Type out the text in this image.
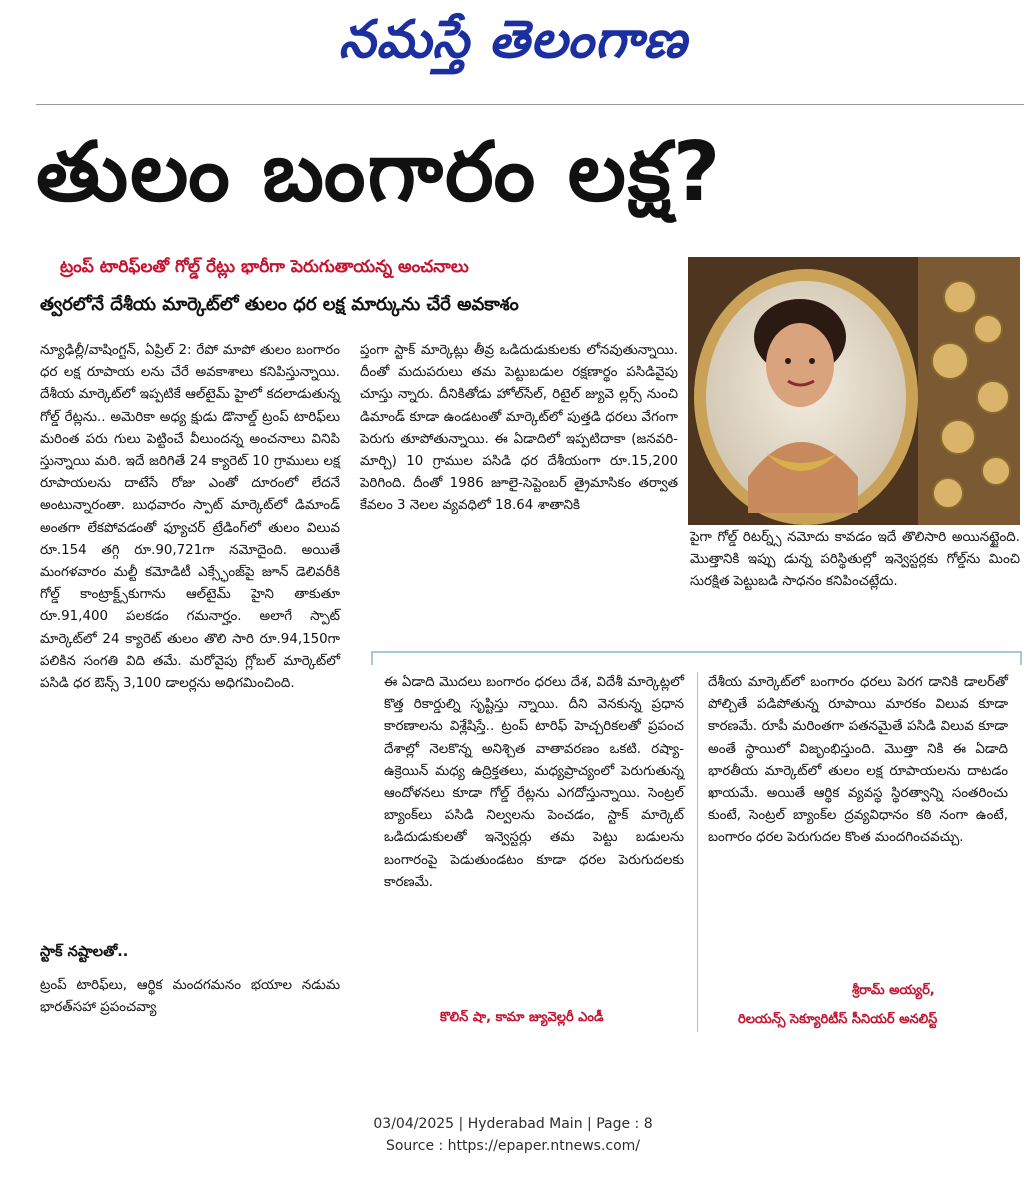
నమస్తే తెలంగాణ
తులం బంగారం లక్ష?
ట్రంప్ టారిఫ్‌లతో గోల్డ్ రేట్లు భారీగా పెరుగుతాయన్న అంచనాలు
త్వరలోనే దేశీయ మార్కెట్‌లో తులం ధర లక్ష మార్కును చేరే అవకాశం

న్యూఢిల్లీ/వాషింగ్టన్, ఏప్రిల్ 2: రేపో మాపో తులం బంగారం ధర లక్ష రూపాయ లను చేరే అవకాశాలు కనిపిస్తున్నాయి. దేశీయ మార్కెట్‌లో ఇప్పటికే ఆల్‌టైమ్ హైలో కదలాడుతున్న గోల్డ్ రేట్లను.. అమెరికా అధ్య క్షుడు డొనాల్డ్ ట్రంప్ టారిఫ్‌లు మరింత పరు గులు పెట్టించే వీలుందన్న అంచనాలు వినిపి స్తున్నాయి మరి. ఇదే జరిగితే 24 క్యారెట్ 10 గ్రాములు లక్ష రూపాయలను దాటేసే రోజు ఎంతో దూరంలో లేదనే అంటున్నారంతా. బుధవారం స్పాట్ మార్కెట్‌లో డిమాండ్ అంతగా లేకపోవడంతో ఫ్యూచర్ ట్రేడింగ్‌లో తులం విలువ రూ.154 తగ్గి రూ.90,721గా నమోదైంది. అయితే మంగళవారం మల్టీ కమోడిటీ ఎక్స్ఛేంజ్‌పై జూన్ డెలివరీకి గోల్డ్ కాంట్రాక్ట్స్‌కుగాను ఆల్‌టైమ్ హైని తాకుతూ రూ.91,400 పలకడం గమనార్హం. అలాగే స్పాట్ మార్కెట్‌లో 24 క్యారెట్ తులం తొలి సారి రూ.94,150గా పలికిన సంగతి విది తమే. మరోవైపు గ్లోబల్ మార్కెట్‌లో పసిడి ధర ఔన్స్ 3,100 డాలర్లను అధిగమించింది.

స్టాక్ నష్టాలతో..

ట్రంప్ టారిఫ్‌లు, ఆర్థిక మందగమనం భయాల నడుమ భారత్‌సహా ప్రపంచవ్యా

ప్తంగా స్టాక్ మార్కెట్లు తీవ్ర ఒడిదుడుకులకు లోనవుతున్నాయి. దీంతో మదుపరులు తమ పెట్టుబడుల రక్షణార్థం పసిడివైపు చూస్తు న్నారు. దీనికితోడు హోల్‌సేల్, రిటైల్ జ్యువె ల్లర్స్ నుంచి డిమాండ్ కూడా ఉండటంతో మార్కెట్‌లో పుత్తడి ధరలు వేగంగా పెరుగు తూపోతున్నాయి. ఈ ఏడాదిలో ఇప్పటిదాకా (జనవరి-మార్చి) 10 గ్రాముల పసిడి ధర దేశీయంగా రూ.15,200 పెరిగింది. దీంతో 1986 జూలై-సెప్టెంబర్ త్రైమాసికం తర్వాత కేవలం 3 నెలల వ్యవధిలో 18.64 శాతానికి

పైగా గోల్డ్ రిటర్న్స్ నమోదు కావడం ఇదే తొలిసారి అయినట్టైంది. మొత్తానికి ఇప్పు డున్న పరిస్థితుల్లో ఇన్వెస్టర్లకు గోల్డ్‌ను మించి సురక్షిత పెట్టుబడి సాధనం కనిపించట్లేదు.

ఈ ఏడాది మొదలు బంగారం ధరలు దేశ, విదేశీ మార్కెట్లలో కొత్త రికార్డుల్ని సృష్టిస్తు న్నాయి. దీని వెనకున్న ప్రధాన కారణాలను విశ్లేషిస్తే.. ట్రంప్ టారిఫ్ హెచ్చరికలతో ప్రపంచ దేశాల్లో నెలకొన్న అనిశ్చిత వాతావరణం ఒకటి. రష్యా-ఉక్రెయిన్ మధ్య ఉద్రిక్తతలు, మధ్యప్రాచ్యంలో పెరుగుతున్న ఆందోళనలు కూడా గోల్డ్ రేట్లను ఎగదోస్తున్నాయి. సెంట్రల్ బ్యాంక్‌లు పసిడి నిల్వలను పెంచడం, స్టాక్ మార్కెట్ ఒడిదుడుకులతో ఇన్వెస్టర్లు తమ పెట్టు బడులను బంగారంపై పెడుతుండటం కూడా ధరల పెరుగుదలకు కారణమే.

కొలిన్ షా, కామా జ్యువెల్లరీ ఎండీ

దేశీయ మార్కెట్‌లో బంగారం ధరలు పెరగ డానికి డాలర్‌తో పోల్చితే పడిపోతున్న రూపాయి మారకం విలువ కూడా కారణమే. రూపీ మరింతగా పతనమైతే పసిడి విలువ కూడా అంతే స్థాయిలో విజృంభిస్తుంది. మొత్తా నికి ఈ ఏడాది భారతీయ మార్కెట్‌లో తులం లక్ష రూపాయలను దాటడం ఖాయమే. అయితే ఆర్థిక వ్యవస్థ స్థిరత్వాన్ని సంతరించు కుంటే, సెంట్రల్ బ్యాంక్‌ల ద్రవ్యవిధానం కఠి నంగా ఉంటే, బంగారం ధరల పెరుగుదల కొంత మందగించవచ్చు.

శ్రీరామ్ అయ్యర్,
రిలయన్స్ సెక్యూరిటీస్ సీనియర్ అనలిస్ట్
03/04/2025 | Hyderabad Main | Page : 8
Source : https://epaper.ntnews.com/
